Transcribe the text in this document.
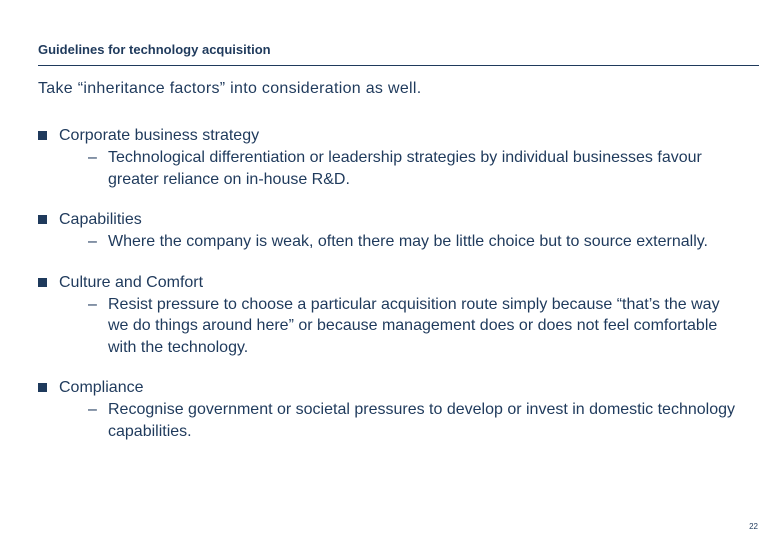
Guidelines for technology acquisition
Take “inheritance factors” into consideration as well.
Corporate business strategy
– Technological differentiation or leadership strategies by individual businesses favour greater reliance on in-house R&D.
Capabilities
– Where the company is weak, often there may be little choice but to source externally.
Culture and Comfort
– Resist pressure to choose a particular acquisition route simply because “that’s the way we do things around here” or because management does or does not feel comfortable with the technology.
Compliance
– Recognise government or societal pressures to develop or invest in domestic technology capabilities.
22
